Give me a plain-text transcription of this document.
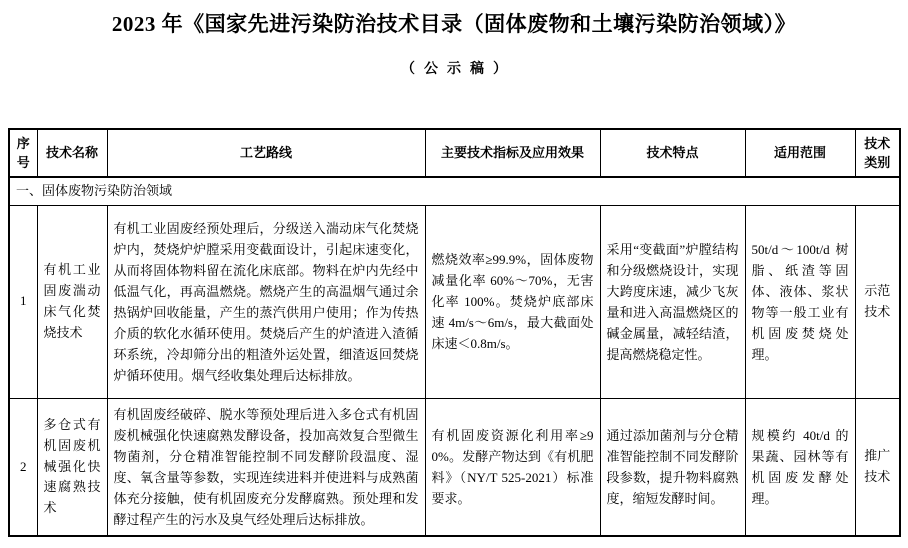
2023 年《国家先进污染防治技术目录（固体废物和土壤污染防治领域）》
（公示稿）
序号	技术名称	工艺路线	主要技术指标及应用效果	技术特点	适用范围	技术类别
一、固体废物污染防治领域						
1	有机工业固废湍动床气化焚烧技术	有机工业固废经预处理后，分级送入湍动床气化焚烧炉内，焚烧炉炉膛采用变截面设计，引起床速变化，从而将固体物料留在流化床底部。物料在炉内先经中低温气化，再高温燃烧。燃烧产生的高温烟气通过余热锅炉回收能量，产生的蒸汽供用户使用；作为传热介质的软化水循环使用。焚烧后产生的炉渣进入渣循环系统，冷却筛分出的粗渣外运处置，细渣返回焚烧炉循环使用。烟气经收集处理后达标排放。	燃烧效率≥99.9%，固体废物减量化率 60%～70%，无害化率 100%。焚烧炉底部床速 4m/s～6m/s，最大截面处床速＜0.8m/s。	采用“变截面”炉膛结构和分级燃烧设计，实现大跨度床速，减少飞灰量和进入高温燃烧区的碱金属量，减轻结渣，提高燃烧稳定性。	50t/d～100t/d 树脂、纸渣等固体、液体、浆状物等一般工业有机固废焚烧处理。	示范技术
2	多仓式有机固废机械强化快速腐熟技术	有机固废经破碎、脱水等预处理后进入多仓式有机固废机械强化快速腐熟发酵设备，投加高效复合型微生物菌剂，分仓精准智能控制不同发酵阶段温度、湿度、氧含量等参数，实现连续进料并使进料与成熟菌体充分接触，使有机固废充分发酵腐熟。预处理和发酵过程产生的污水及臭气经处理后达标排放。	有机固废资源化利用率≥90%。发酵产物达到《有机肥料》（NY/T 525-2021）标准要求。	通过添加菌剂与分仓精准智能控制不同发酵阶段参数，提升物料腐熟度，缩短发酵时间。	规模约 40t/d 的果蔬、园林等有机固废发酵处理。	推广技术
